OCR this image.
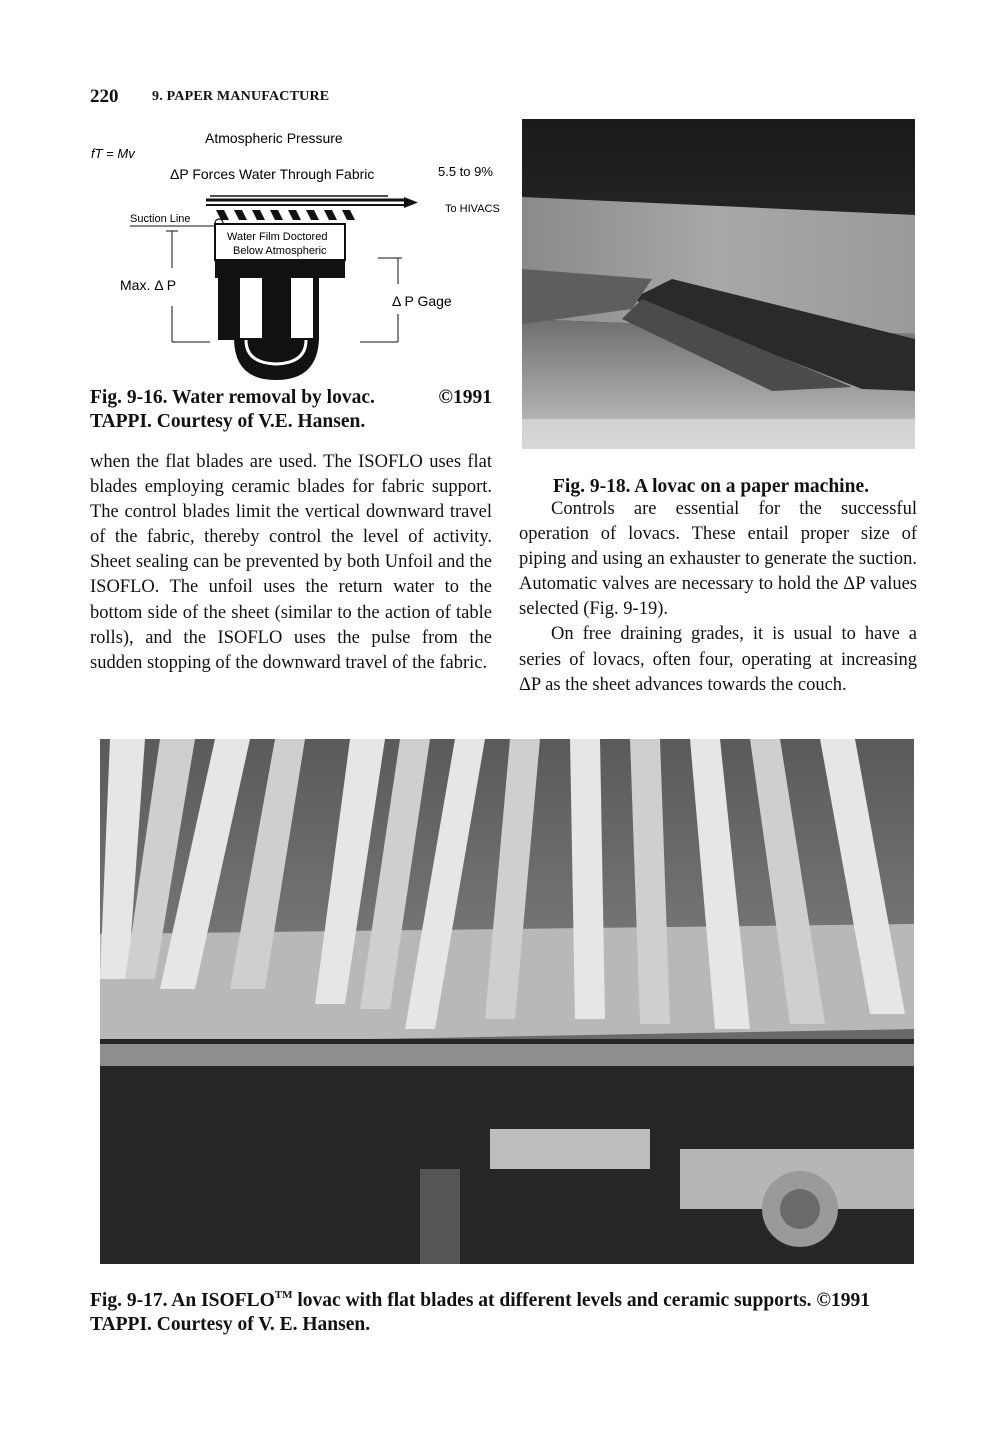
220 9. PAPER MANUFACTURE
fT = Mv
Atmospheric Pressure
ΔP Forces Water Through Fabric	5.5 to 9%
To HIVACS
Suction Line
Water Film Doctored
Below Atmospheric
Max. Δ P
Δ P Gage
Fig. 9-16. Water removal by lovac.	©1991
TAPPI. Courtesy of V.E. Hansen.
when the flat blades are used. The ISOFLO uses flat blades employing ceramic blades for fabric support. The control blades limit the vertical downward travel of the fabric, thereby control the level of activity. Sheet sealing can be prevented by both Unfoil and the ISOFLO. The unfoil uses the return water to the bottom side of the sheet (similar to the action of table rolls), and the ISOFLO uses the pulse from the sudden stopping of the downward travel of the fabric.
Fig. 9-18. A lovac on a paper machine.

Controls are essential for the successful operation of lovacs. These entail proper size of piping and using an exhauster to generate the suction. Automatic valves are necessary to hold the ΔP values selected (Fig. 9-19).

On free draining grades, it is usual to have a series of lovacs, often four, operating at increasing ΔP as the sheet advances towards the couch.

Fig. 9-17. An ISOFLO™ lovac with flat blades at different levels and ceramic supports. ©1991 TAPPI. Courtesy of V. E. Hansen.
